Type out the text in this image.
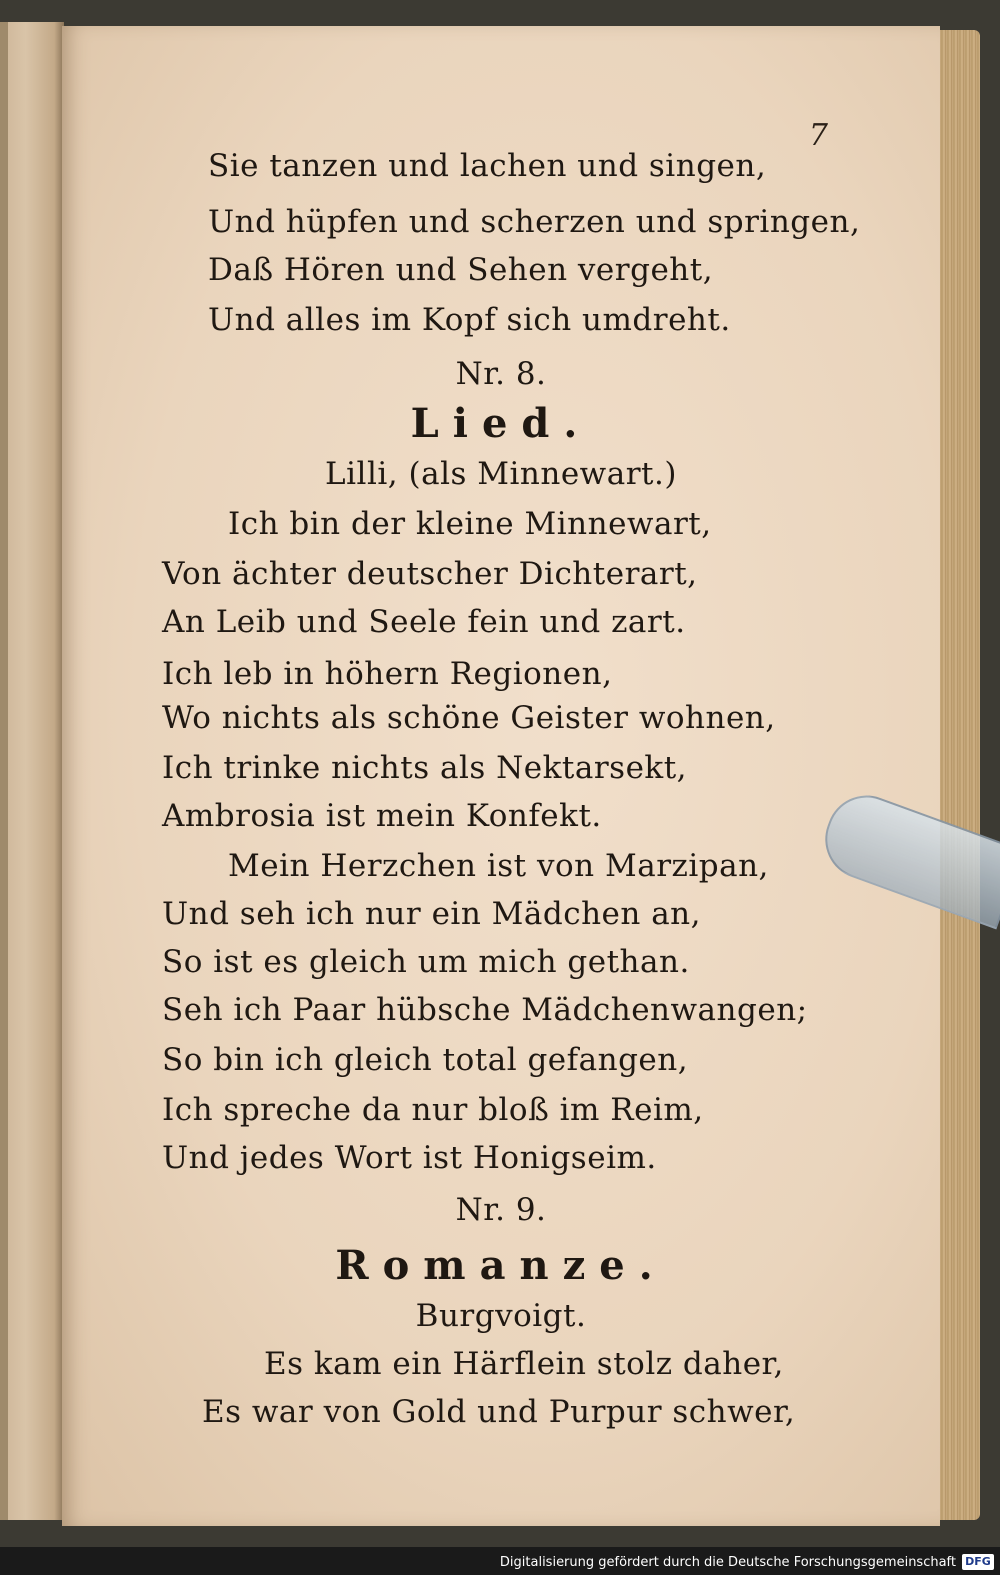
7
Sie tanzen und lachen und singen,
Und hüpfen und scherzen und springen,
Daß Hören und Sehen vergeht,
Und alles im Kopf sich umdreht.
Nr. 8.
Lied.
Lilli, (als Minnewart.)
Ich bin der kleine Minnewart,
Von ächter deutscher Dichterart,
An Leib und Seele fein und zart.
Ich leb in höhern Regionen,
Wo nichts als schöne Geister wohnen,
Ich trinke nichts als Nektarsekt,
Ambrosia ist mein Konfekt.
Mein Herzchen ist von Marzipan,
Und seh ich nur ein Mädchen an,
So ist es gleich um mich gethan.
Seh ich Paar hübsche Mädchenwangen;
So bin ich gleich total gefangen,
Ich spreche da nur bloß im Reim,
Und jedes Wort ist Honigseim.
Nr. 9.
Romanze.
Burgvoigt.
Es kam ein Härflein stolz daher,
Es war von Gold und Purpur schwer,
Digitalisierung gefördert durch die Deutsche Forschungsgemeinschaft DFG
